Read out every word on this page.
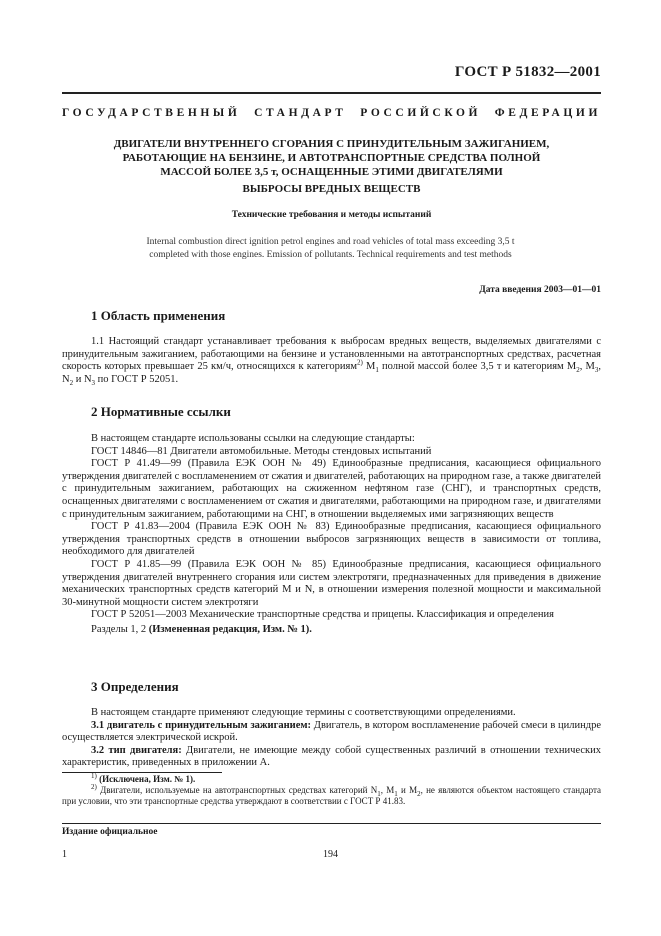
ГОСТ Р 51832—2001
ГОСУДАРСТВЕННЫЙ СТАНДАРТ РОССИЙСКОЙ ФЕДЕРАЦИИ
ДВИГАТЕЛИ ВНУТРЕННЕГО СГОРАНИЯ С ПРИНУДИТЕЛЬНЫМ ЗАЖИГАНИЕМ,
РАБОТАЮЩИЕ НА БЕНЗИНЕ, И АВТОТРАНСПОРТНЫЕ СРЕДСТВА ПОЛНОЙ
МАССОЙ БОЛЕЕ 3,5 т, ОСНАЩЕННЫЕ ЭТИМИ ДВИГАТЕЛЯМИ
ВЫБРОСЫ ВРЕДНЫХ ВЕЩЕСТВ
Технические требования и методы испытаний
Internal combustion direct ignition petrol engines and road vehicles of total mass exceeding 3,5 t
completed with those engines. Emission of pollutants. Technical requirements and test methods
Дата введения 2003—01—01
1 Область применения

1.1 Настоящий стандарт устанавливает требования к выбросам вредных веществ, выделяемых двигателями с принудительным зажиганием, работающими на бензине и установленными на автотранспортных средствах, расчетная скорость которых превышает 25 км/ч, относящихся к категориям$^{2)}$ $М_1$ полной массой более 3,5 т и категориям $М_2$, $М_3$, $N_2$ и $N_3$ по ГОСТ Р 52051.

2 Нормативные ссылки

В настоящем стандарте использованы ссылки на следующие стандарты:

ГОСТ 14846—81 Двигатели автомобильные. Методы стендовых испытаний

ГОСТ Р 41.49—99 (Правила ЕЭК ООН № 49) Единообразные предписания, касающиеся официального утверждения двигателей с воспламенением от сжатия и двигателей, работающих на природном газе, а также двигателей с принудительным зажиганием, работающих на сжиженном нефтяном газе (СНГ), и транспортных средств, оснащенных двигателями с воспламенением от сжатия и двигателями, работающими на природном газе, и двигателями с принудительным зажиганием, работающими на СНГ, в отношении выделяемых ими загрязняющих веществ

ГОСТ Р 41.83—2004 (Правила ЕЭК ООН № 83) Единообразные предписания, касающиеся официального утверждения транспортных средств в отношении выбросов загрязняющих веществ в зависимости от топлива, необходимого для двигателей

ГОСТ Р 41.85—99 (Правила ЕЭК ООН № 85) Единообразные предписания, касающиеся официального утверждения двигателей внутреннего сгорания или систем электротяги, предназначенных для приведения в движение механических транспортных средств категорий М и N, в отношении измерения полезной мощности и максимальной 30-минутной мощности систем электротяги

ГОСТ Р 52051—2003 Механические транспортные средства и прицепы. Классификация и определения

Разделы 1, 2 (Измененная редакция, Изм. № 1).

3 Определения

В настоящем стандарте применяют следующие термины с соответствующими определениями.

3.1 двигатель с принудительным зажиганием: Двигатель, в котором воспламенение рабочей смеси в цилиндре осуществляется электрической искрой.

3.2 тип двигателя: Двигатели, не имеющие между собой существенных различий в отношении технических характеристик, приведенных в приложении А.

$^{1)}$ (Исключена, Изм. № 1).

$^{2)}$ Двигатели, используемые на автотранспортных средствах категорий $N_1$, $M_1$ и $M_2$, не являются объектом настоящего стандарта при условии, что эти транспортные средства утверждают в соответствии с ГОСТ Р 41.83.

Издание официальное
1	194
